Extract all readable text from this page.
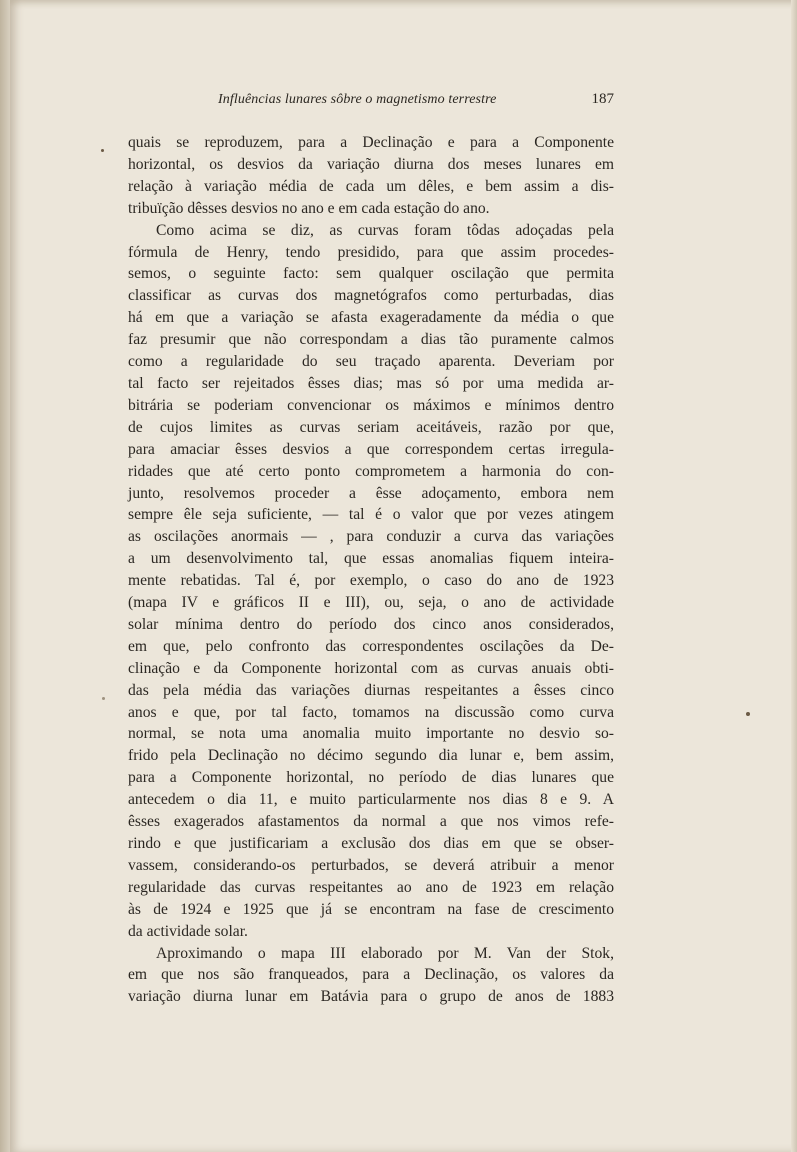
Influências lunares sôbre o magnetismo terrestre	187
quais se reproduzem, para a Declinação e para a Componente
horizontal, os desvios da variação diurna dos meses lunares em
relação à variação média de cada um dêles, e bem assim a dis-
tribuïção dêsses desvios no ano e em cada estação do ano.
Como acima se diz, as curvas foram tôdas adoçadas pela
fórmula de Henry, tendo presidido, para que assim procedes-
semos, o seguinte facto: sem qualquer oscilação que permita
classificar as curvas dos magnetógrafos como perturbadas, dias
há em que a variação se afasta exageradamente da média o que
faz presumir que não correspondam a dias tão puramente calmos
como a regularidade do seu traçado aparenta. Deveriam por
tal facto ser rejeitados êsses dias; mas só por uma medida ar-
bitrária se poderiam convencionar os máximos e mínimos dentro
de cujos limites as curvas seriam aceitáveis, razão por que,
para amaciar êsses desvios a que correspondem certas irregula-
ridades que até certo ponto comprometem a harmonia do con-
junto, resolvemos proceder a êsse adoçamento, embora nem
sempre êle seja suficiente, — tal é o valor que por vezes atingem
as oscilações anormais — , para conduzir a curva das variações
a um desenvolvimento tal, que essas anomalias fiquem inteira-
mente rebatidas. Tal é, por exemplo, o caso do ano de 1923
(mapa IV e gráficos II e III), ou, seja, o ano de actividade
solar mínima dentro do período dos cinco anos considerados,
em que, pelo confronto das correspondentes oscilações da De-
clinação e da Componente horizontal com as curvas anuais obti-
das pela média das variações diurnas respeitantes a êsses cinco
anos e que, por tal facto, tomamos na discussão como curva
normal, se nota uma anomalia muito importante no desvio so-
frido pela Declinação no décimo segundo dia lunar e, bem assim,
para a Componente horizontal, no período de dias lunares que
antecedem o dia 11, e muito particularmente nos dias 8 e 9. A
êsses exagerados afastamentos da normal a que nos vimos refe-
rindo e que justificariam a exclusão dos dias em que se obser-
vassem, considerando-os perturbados, se deverá atribuir a menor
regularidade das curvas respeitantes ao ano de 1923 em relação
às de 1924 e 1925 que já se encontram na fase de crescimento
da actividade solar.
Aproximando o mapa III elaborado por M. Van der Stok,
em que nos são franqueados, para a Declinação, os valores da
variação diurna lunar em Batávia para o grupo de anos de 1883
